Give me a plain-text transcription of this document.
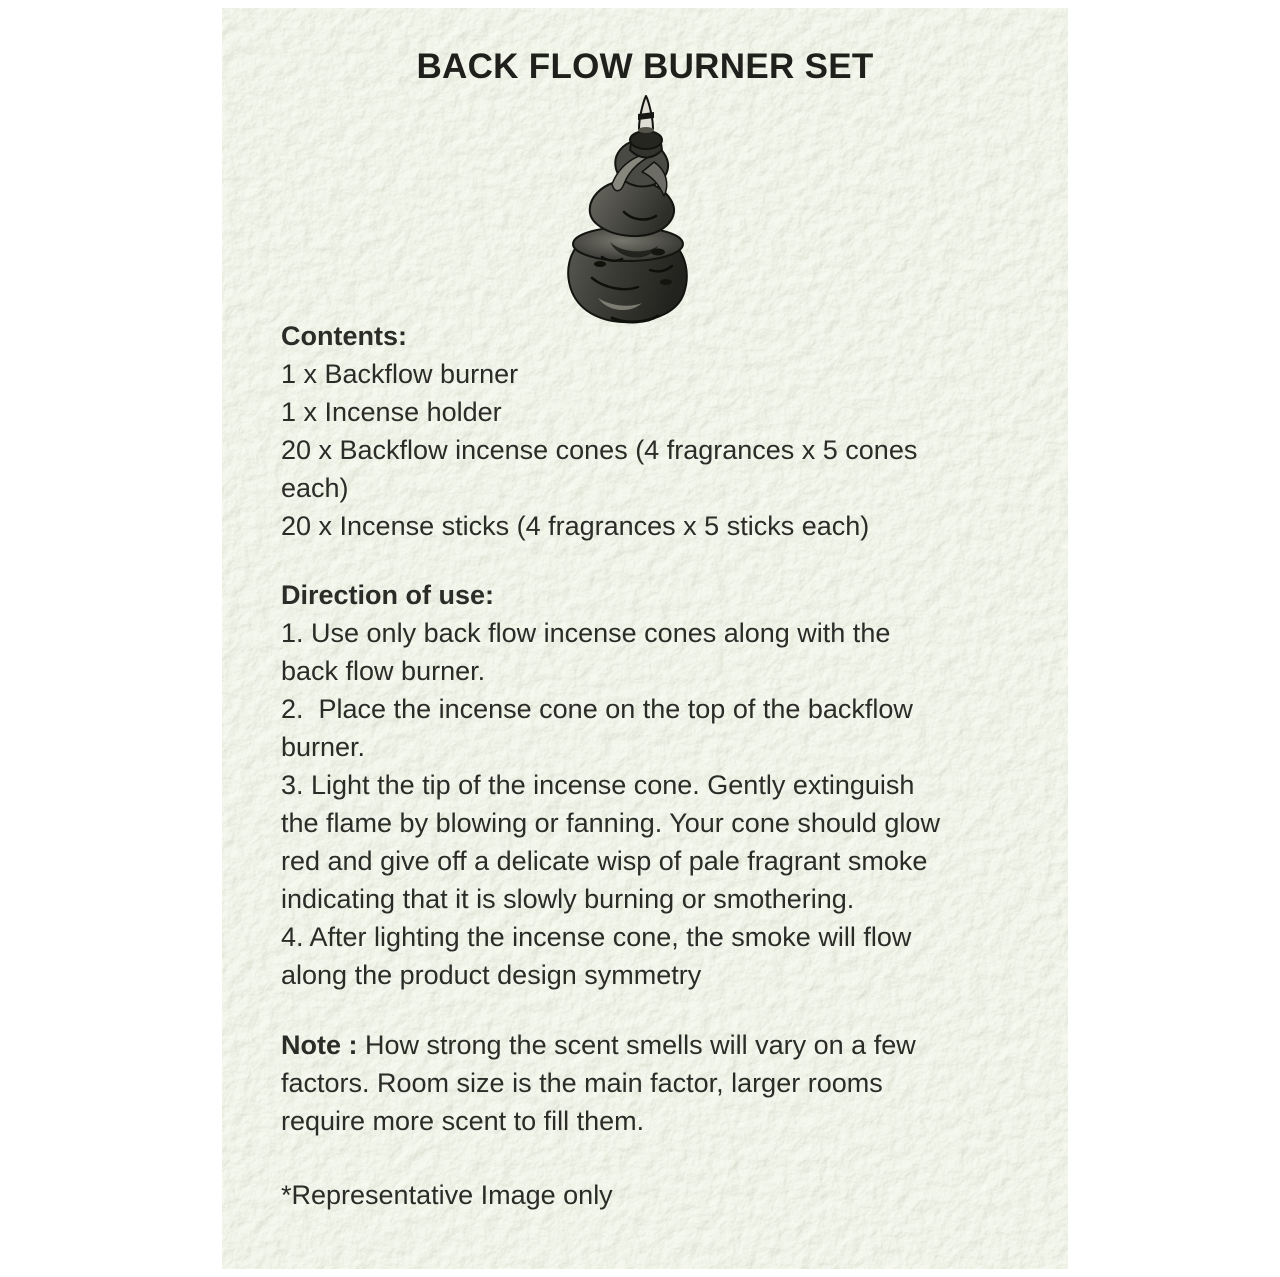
BACK FLOW BURNER SET
Contents:
1 x Backflow burner
1 x Incense holder
20 x Backflow incense cones (4 fragrances x 5 cones
each)
20 x Incense sticks (4 fragrances x 5 sticks each)
Direction of use:
1. Use only back flow incense cones along with the
back flow burner.
2.  Place the incense cone on the top of the backflow
burner.
3. Light the tip of the incense cone. Gently extinguish
the flame by blowing or fanning. Your cone should glow
red and give off a delicate wisp of pale fragrant smoke
indicating that it is slowly burning or smothering.
4. After lighting the incense cone, the smoke will flow
along the product design symmetry
Note : How strong the scent smells will vary on a few
factors. Room size is the main factor, larger rooms
require more scent to fill them.
*Representative Image only
